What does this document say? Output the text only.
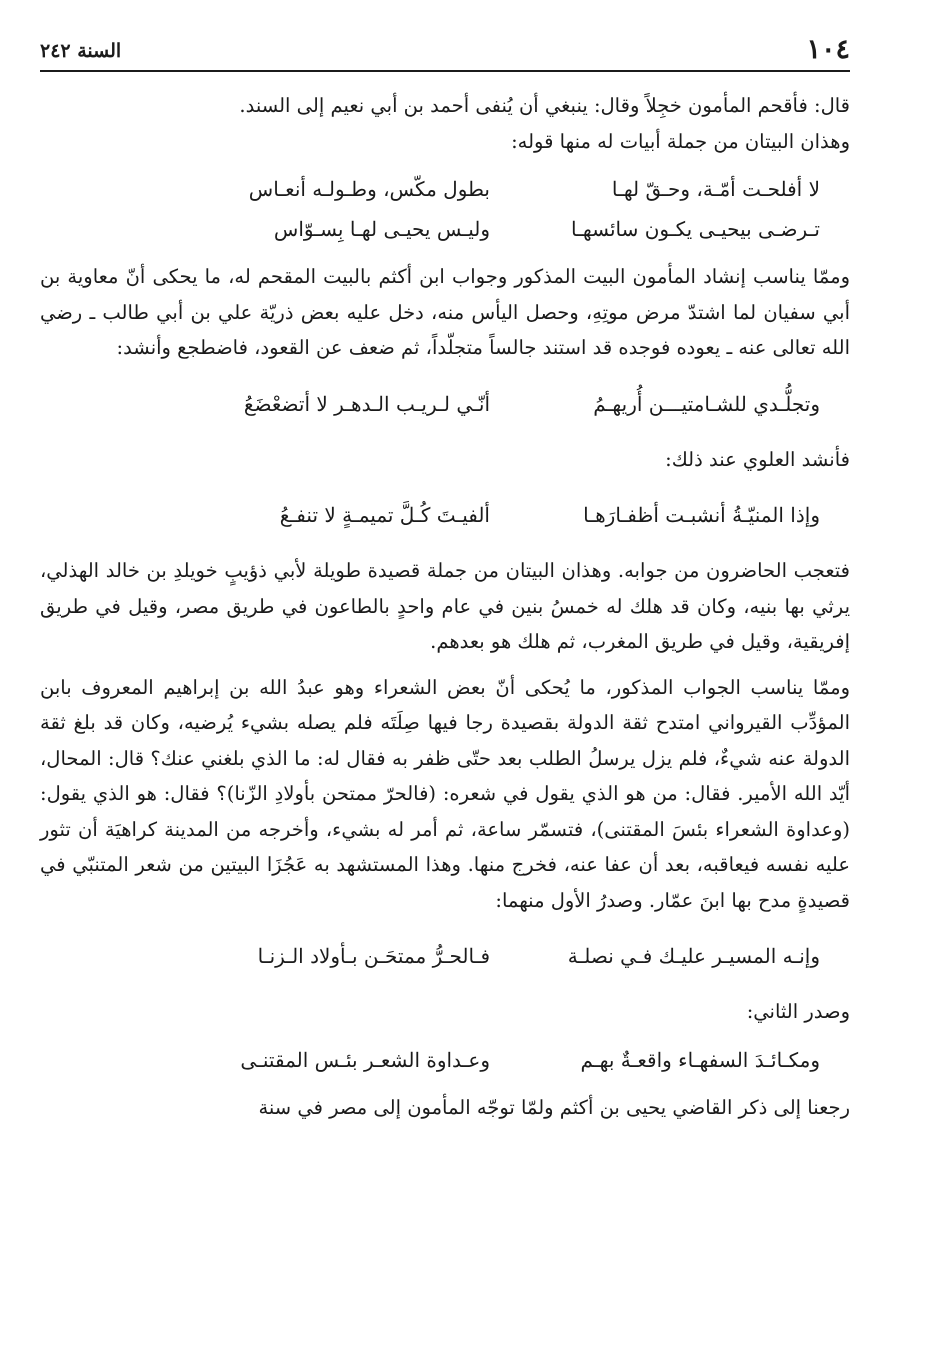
١٠٤
السنة ٢٤٢

قال: فأقحم المأمون خجِلاً وقال: ينبغي أن يُنفى أحمد بن أبي نعيم إلى السند.

وهذان البيتان من جملة أبيات له منها قوله:

لا أفلحـت أمّـة، وحـقّ لهـا
بطول مكّس، وطـولـه أنعـاس
تـرضـى بيحيـى يكـون سائسهـا
وليـس يحيـى لهـا بِسـوّاس

وممّا يناسب إنشاد المأمون البيت المذكور وجواب ابن أكثم بالبيت المقحم له، ما يحكى أنّ معاوية بن أبي سفيان لما اشتدّ مرض موتِهِ، وحصل اليأس منه، دخل عليه بعض ذريّة علي بن أبي طالب ـ رضي الله تعالى عنه ـ يعوده فوجده قد استند جالساً متجلّداً، ثم ضعف عن القعود، فاضطجع وأنشد:

وتجلُّـدي للشـامتيـــن أُريهـمُ
أنّـي لـريـب الـدهـر لا أتضعْضَعُ

فأنشد العلوي عند ذلك:

وإذا المنيّـةُ أنشبـت أظفـارَهـا
ألفيـتَ كُـلَّ تميمـةٍ لا تنفـعُ

فتعجب الحاضرون من جوابه. وهذان البيتان من جملة قصيدة طويلة لأبي ذؤيبٍ خويلدِ بن خالد الهذلي، يرثي بها بنيه، وكان قد هلك له خمسُ بنين في عام واحدٍ بالطاعون في طريق مصر، وقيل في طريق إفريقية، وقيل في طريق المغرب، ثم هلك هو بعدهم.

وممّا يناسب الجواب المذكور، ما يُحكى أنّ بعض الشعراء وهو عبدُ الله بن إبراهيم المعروف بابن المؤدِّب القيرواني امتدح ثقة الدولة بقصيدة رجا فيها صِلَتَه فلم يصله بشيء يُرضيه، وكان قد بلغ ثقة الدولة عنه شيءٌ، فلم يزل يرسلُ الطلب بعد حتّى ظفر به فقال له: ما الذي بلغني عنك؟ قال: المحال، أيّد الله الأمير. فقال: من هو الذي يقول في شعره: (فالحرّ ممتحن بأولادِ الزّنا)؟ فقال: هو الذي يقول: (وعداوة الشعراء بئسَ المقتنى)، فتسمّر ساعة، ثم أمر له بشيء، وأخرجه من المدينة كراهيَة أن تثور عليه نفسه فيعاقبه، بعد أن عفا عنه، فخرج منها. وهذا المستشهد به عَجُزَا البيتين من شعر المتنبّي في قصيدةٍ مدح بها ابنَ عمّار. وصدرُ الأول منهما:

وإنـه المسيـر عليـك فـي نصلـة
فـالحـرُّ ممتحَـن بـأولاد الـزنـا

وصدر الثاني:

ومكـائـدَ السفهـاء واقعـةٌ بهـم
وعـداوة الشعـر بئـس المقتنـى

رجعنا إلى ذكر القاضي يحيى بن أكثم ولمّا توجّه المأمون إلى مصر في سنة
